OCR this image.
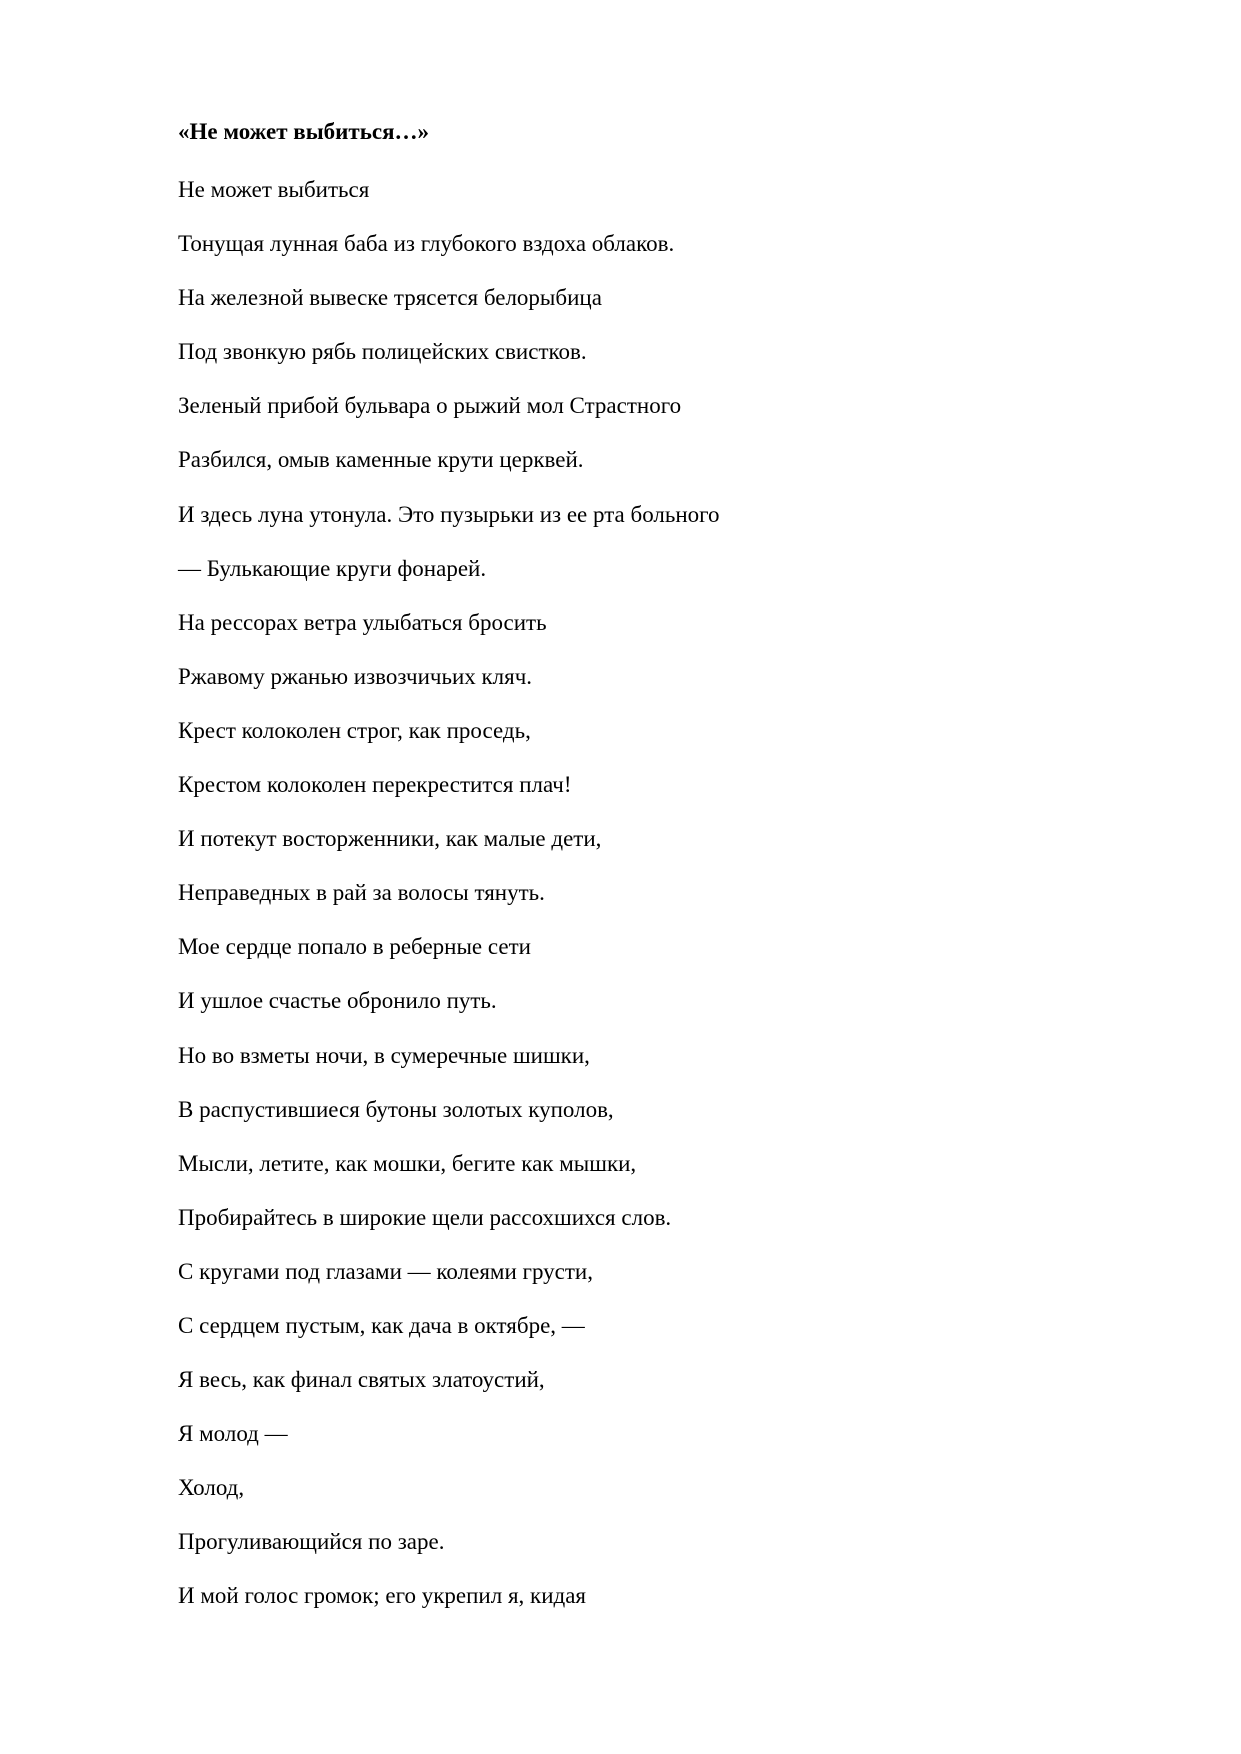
«Не может выбиться…»
Не может выбиться
Тонущая лунная баба из глубокого вздоха облаков.
На железной вывеске трясется белорыбица
Под звонкую рябь полицейских свистков.
Зеленый прибой бульвара о рыжий мол Страстного
Разбился, омыв каменные крути церквей.
И здесь луна утонула. Это пузырьки из ее рта больного
— Булькающие круги фонарей.
На рессорах ветра улыбаться бросить
Ржавому ржанью извозчичьих кляч.
Крест колоколен строг, как проседь,
Крестом колоколен перекрестится плач!
И потекут восторженники, как малые дети,
Неправедных в рай за волосы тянуть.
Мое сердце попало в реберные сети
И ушлое счастье обронило путь.
Но во взметы ночи, в сумеречные шишки,
В распустившиеся бутоны золотых куполов,
Мысли, летите, как мошки, бегите как мышки,
Пробирайтесь в широкие щели рассохшихся слов.
С кругами под глазами — колеями грусти,
С сердцем пустым, как дача в октябре, —
Я весь, как финал святых златоустий,
Я молод —
Холод,
Прогуливающийся по заре.
И мой голос громок; его укрепил я, кидая
